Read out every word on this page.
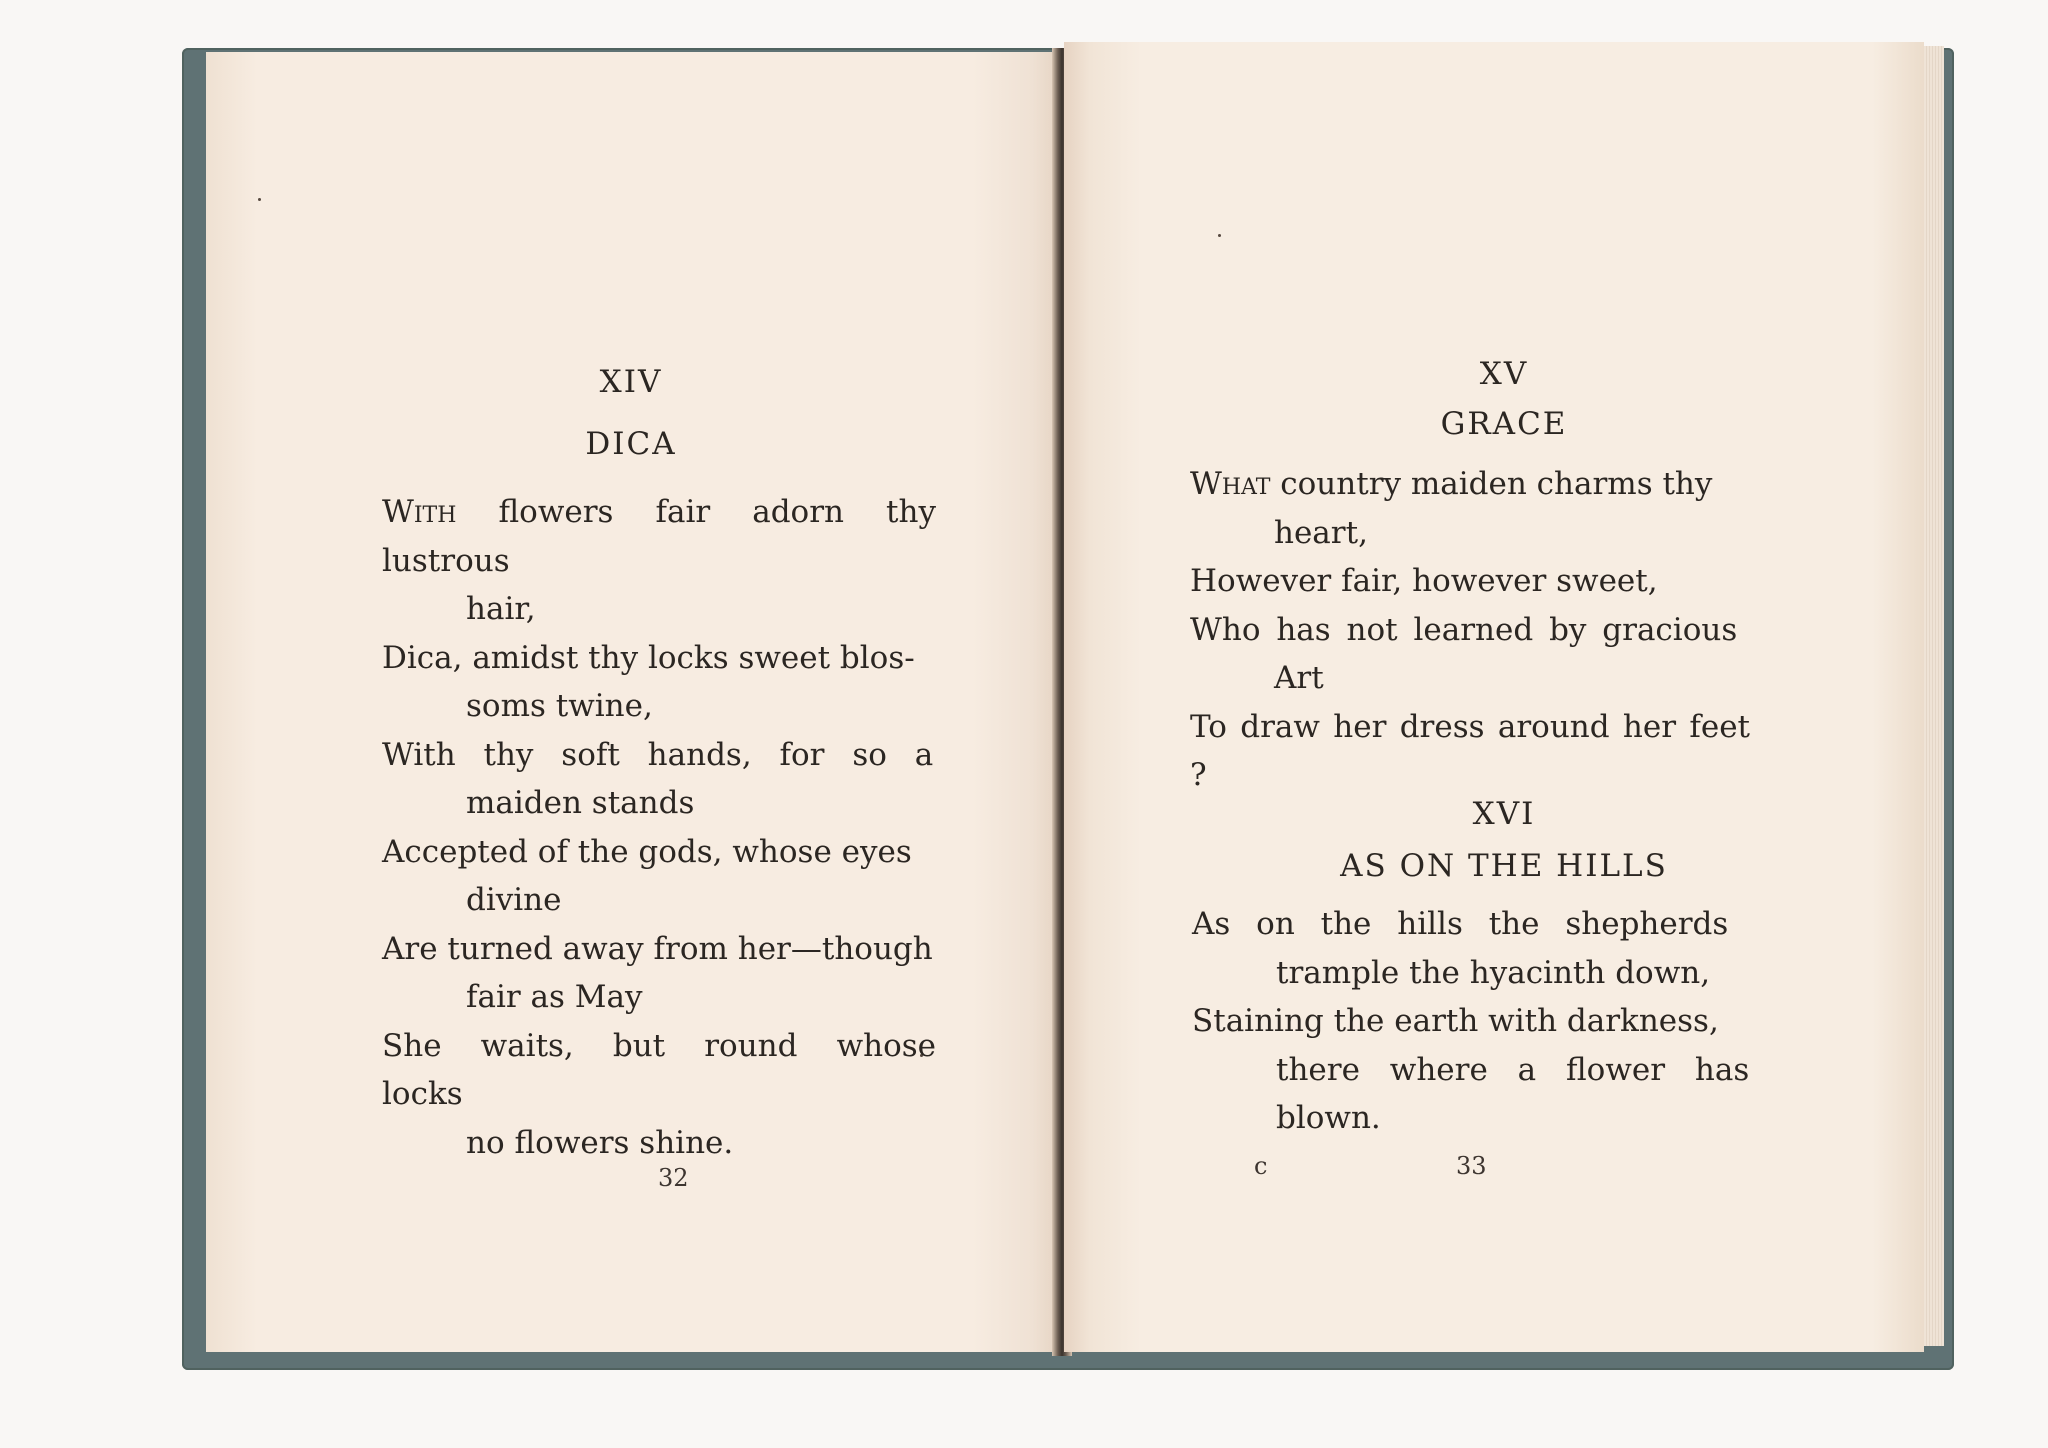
XIV
DICA
With flowers fair adorn thy lustrous
hair,
Dica, amidst thy locks sweet blos-
soms twine,
With thy soft hands, for so a
maiden stands
Accepted of the gods, whose eyes
divine
Are turned away from her—though
fair as May
She waits, but round whose locks
no flowers shine.
32
XV
GRACE
What country maiden charms thy
heart,
However fair, however sweet,
Who has not learned by gracious
Art
To draw her dress around her feet ?
XVI
AS ON THE HILLS
As on the hills the shepherds
trample the hyacinth down,
Staining the earth with darkness,
there where a flower has
blown.
c	33
